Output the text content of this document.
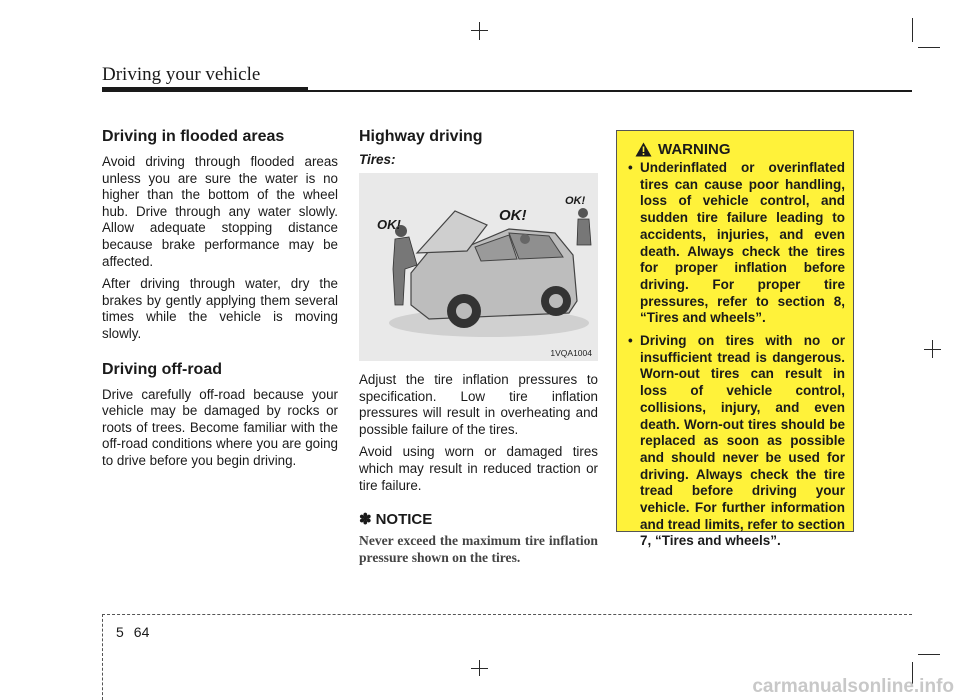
Driving your vehicle
Driving in flooded areas

Avoid driving through flooded areas unless you are sure the water is no higher than the bottom of the wheel hub. Drive through any water slowly. Allow adequate stopping distance because brake performance may be affected.

After driving through water, dry the brakes by gently applying them several times while the vehicle is moving slowly.

Driving off-road

Drive carefully off-road because your vehicle may be damaged by rocks or roots of trees. Become familiar with the off-road conditions where you are going to drive before you begin driving.

Highway driving
Tires:
OK!
OK!
OK!
1VQA1004

Adjust the tire inflation pressures to specification. Low tire inflation pressures will result in overheating and possible failure of the tires.

Avoid using worn or damaged tires which may result in reduced traction or tire failure.

✽ NOTICE
Never exceed the maximum tire inflation pressure shown on the tires.
WARNING
• Underinflated or overinflated tires can cause poor handling, loss of vehicle control, and sudden tire failure leading to accidents, injuries, and even death. Always check the tires for proper inflation before driving. For proper tire pressures, refer to section 8, “Tires and wheels”.
• Driving on tires with no or insufficient tread is dangerous. Worn-out tires can result in loss of vehicle control, collisions, injury, and even death. Worn-out tires should be replaced as soon as possible and should never be used for driving. Always check the tire tread before driving your vehicle. For further information and tread limits, refer to section 7, “Tires and wheels”.
5 64
carmanualsonline.info
